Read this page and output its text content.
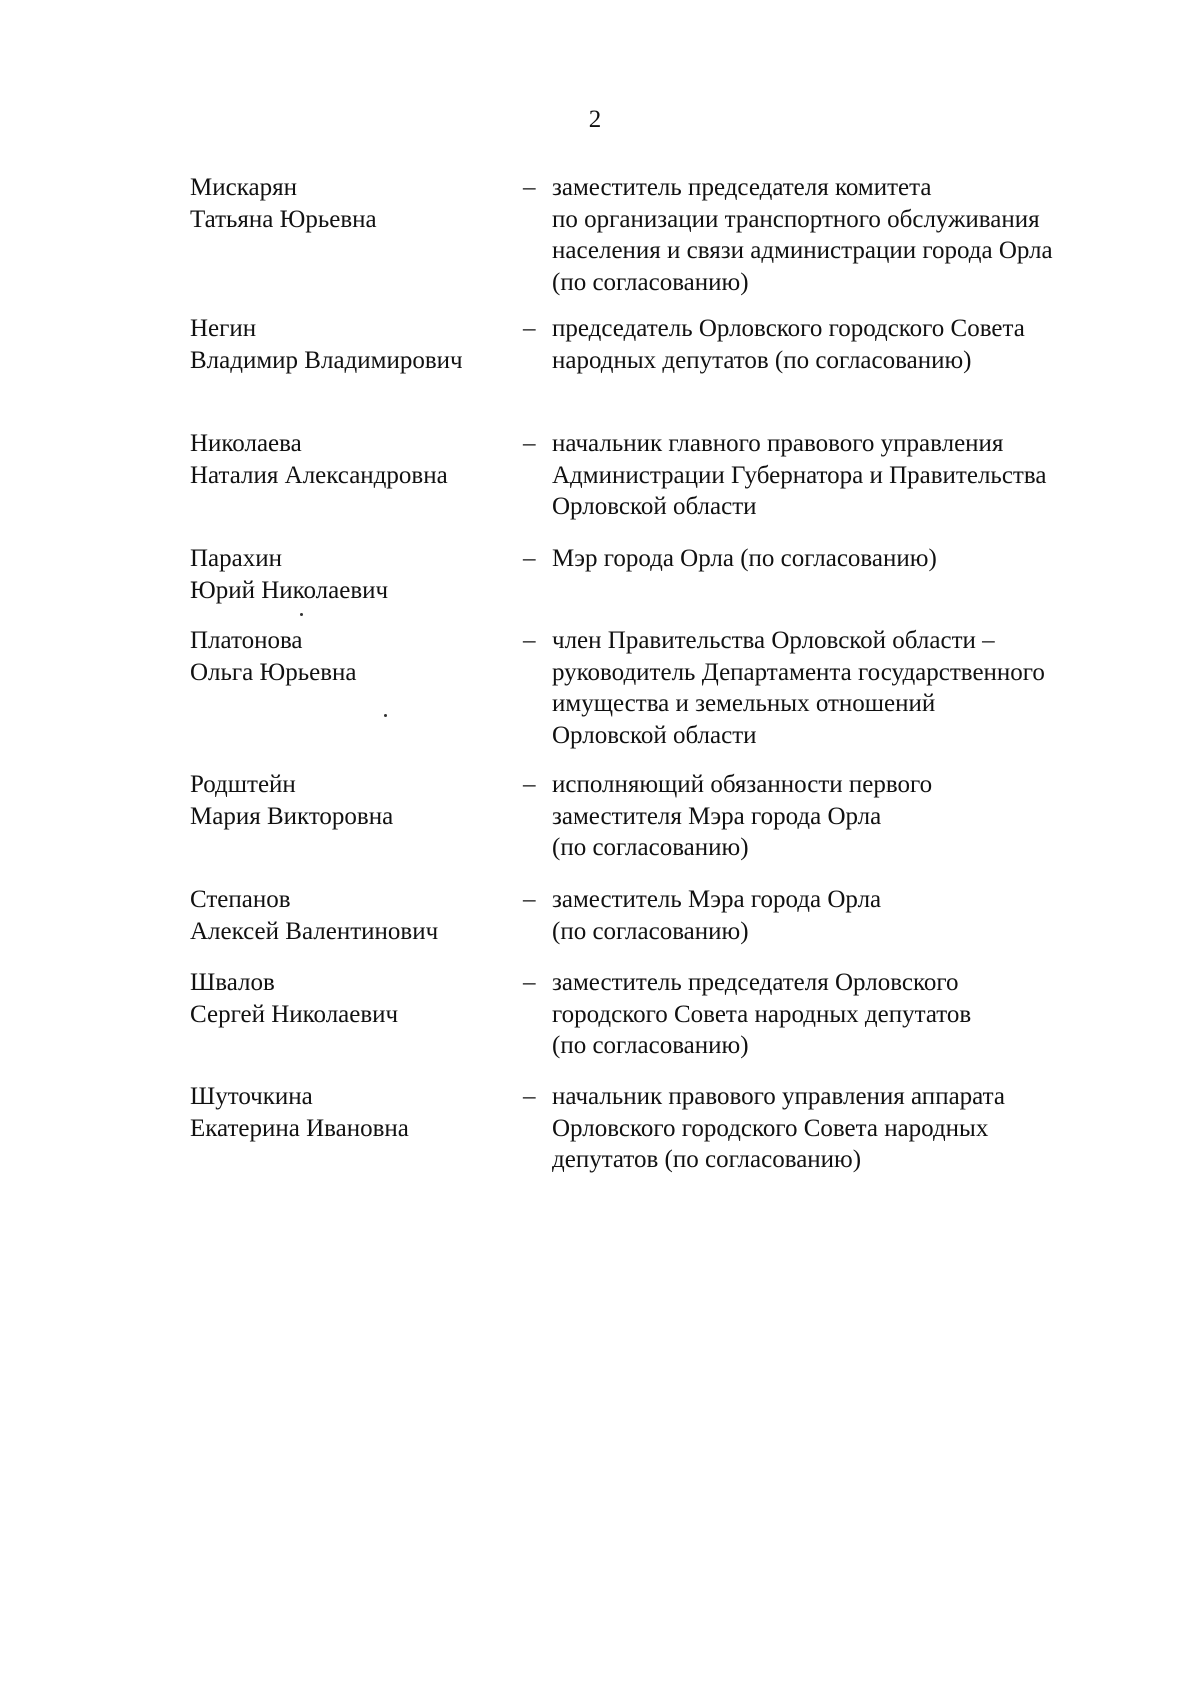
2
Мискарян
Татьяна Юрьевна
– заместитель председателя комитета
по организации транспортного обслуживания
населения и связи администрации города Орла
(по согласованию)
Негин
Владимир Владимирович
– председатель Орловского городского Совета
народных депутатов (по согласованию)
Николаева
Наталия Александровна
– начальник главного правового управления
Администрации Губернатора и Правительства
Орловской области
Парахин
Юрий Николаевич
– Мэр города Орла (по согласованию)
Платонова
Ольга Юрьевна
– член Правительства Орловской области –
руководитель Департамента государственного
имущества и земельных отношений
Орловской области
Родштейн
Мария Викторовна
– исполняющий обязанности первого
заместителя Мэра города Орла
(по согласованию)
Степанов
Алексей Валентинович
– заместитель Мэра города Орла
(по согласованию)
Швалов
Сергей Николаевич
– заместитель председателя Орловского
городского Совета народных депутатов
(по согласованию)
Шуточкина
Екатерина Ивановна
– начальник правового управления аппарата
Орловского городского Совета народных
депутатов (по согласованию)
